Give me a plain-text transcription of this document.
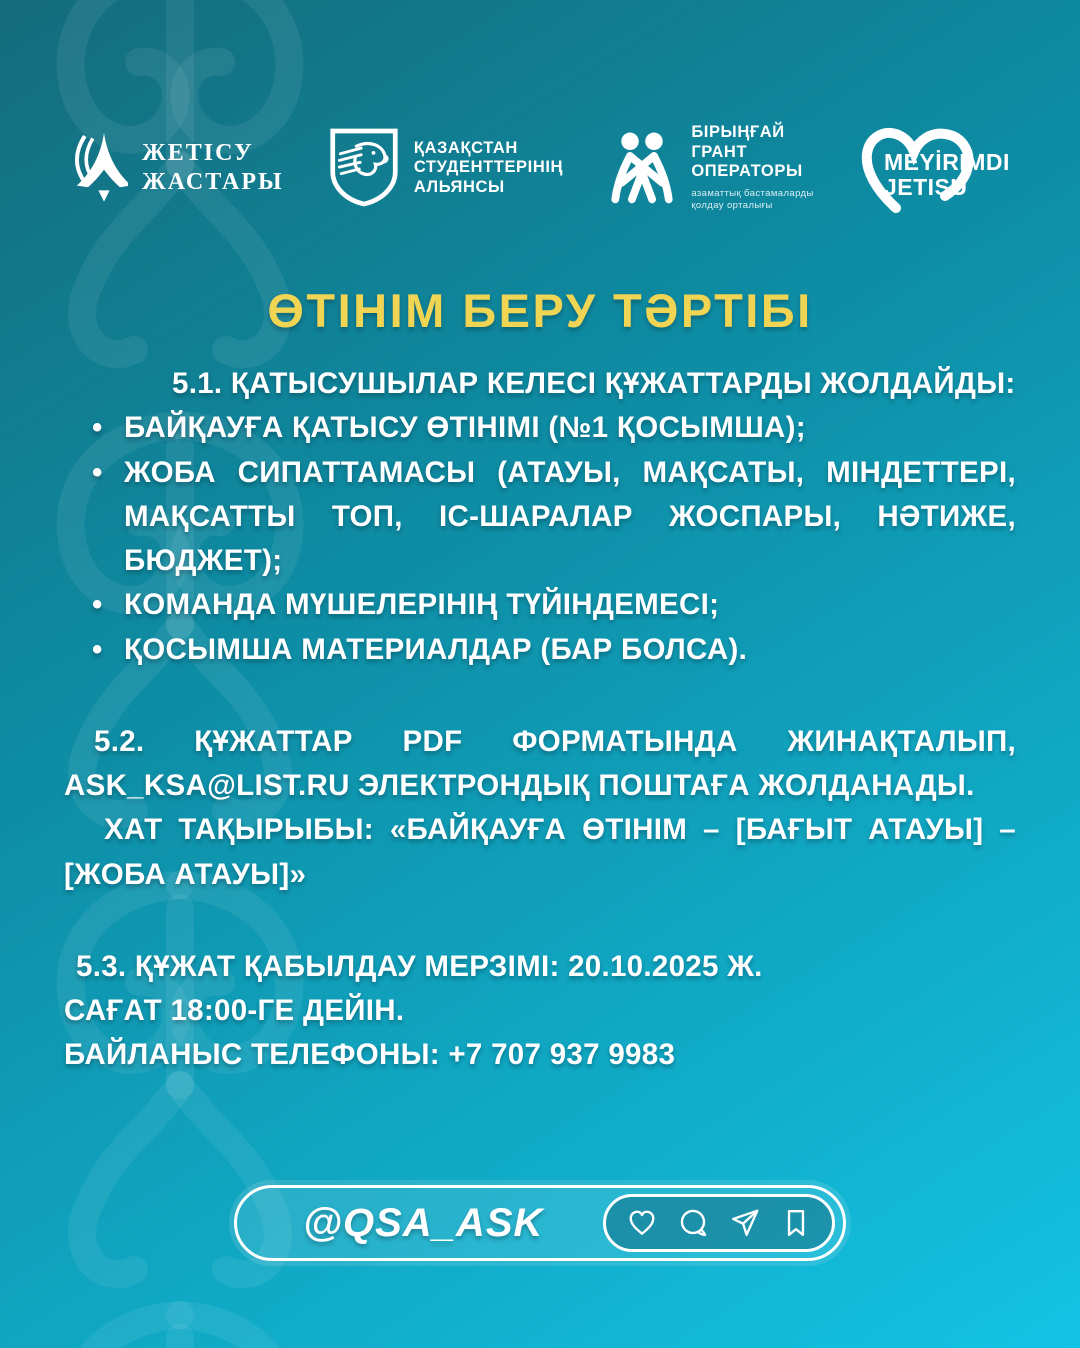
ЖЕТІСУ
ЖАСТАРЫ
ҚАЗАҚСТАН
СТУДЕНТТЕРІНІҢ
АЛЬЯНСЫ
БІРЫҢҒАЙ
ГРАНТ
ОПЕРАТОРЫ
азаматтық бастамаларды
қолдау орталығы
MEYİRIMDI
JETISU
ӨТІНІМ БЕРУ ТӘРТІБІ

5.1. ҚАТЫСУШЫЛАР КЕЛЕСІ ҚҰЖАТТАРДЫ ЖОЛДАЙДЫ:

• БАЙҚАУҒА ҚАТЫСУ ӨТІНІМІ (№1 ҚОСЫМША);
• ЖОБА СИПАТТАМАСЫ (АТАУЫ, МАҚСАТЫ, МІНДЕТТЕРІ, МАҚСАТТЫ ТОП, ІС-ШАРАЛАР ЖОСПАРЫ, НӘТИЖЕ, БЮДЖЕТ);
• КОМАНДА МҮШЕЛЕРІНІҢ ТҮЙІНДЕМЕСІ;
• ҚОСЫМША МАТЕРИАЛДАР (БАР БОЛСА).

5.2. ҚҰЖАТТАР PDF ФОРМАТЫНДА ЖИНАҚТАЛЫП, ASK_KSA@LIST.RU ЭЛЕКТРОНДЫҚ ПОШТАҒА ЖОЛДАНАДЫ.

ХАТ ТАҚЫРЫБЫ: «БАЙҚАУҒА ӨТІНІМ – [БАҒЫТ АТАУЫ] – [ЖОБА АТАУЫ]»

5.3. ҚҰЖАТ ҚАБЫЛДАУ МЕРЗІМІ: 20.10.2025 Ж.

САҒАТ 18:00-ГЕ ДЕЙІН.

БАЙЛАНЫС ТЕЛЕФОНЫ: +7 707 937 9983

@QSA_ASK
